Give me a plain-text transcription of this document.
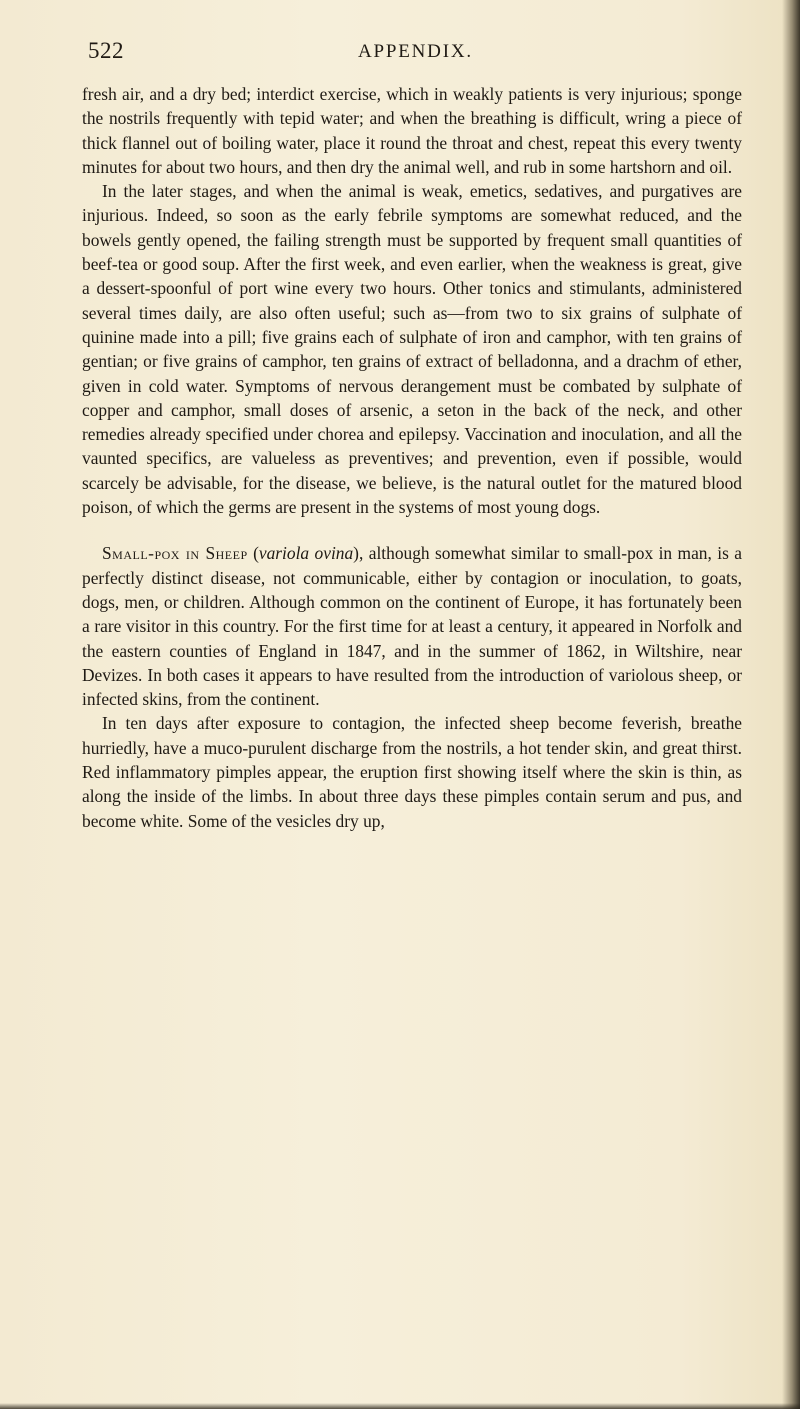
522	APPENDIX.

fresh air, and a dry bed; interdict exercise, which in weakly patients is very injurious; sponge the nostrils frequently with tepid water; and when the breathing is difficult, wring a piece of thick flannel out of boiling water, place it round the throat and chest, repeat this every twenty minutes for about two hours, and then dry the animal well, and rub in some hartshorn and oil.

In the later stages, and when the animal is weak, emetics, sedatives, and purgatives are injurious. Indeed, so soon as the early febrile symptoms are somewhat reduced, and the bowels gently opened, the failing strength must be supported by frequent small quantities of beef-tea or good soup. After the first week, and even earlier, when the weakness is great, give a dessert-spoonful of port wine every two hours. Other tonics and stimulants, administered several times daily, are also often useful; such as—from two to six grains of sulphate of quinine made into a pill; five grains each of sulphate of iron and camphor, with ten grains of gentian; or five grains of camphor, ten grains of extract of belladonna, and a drachm of ether, given in cold water. Symptoms of nervous derangement must be combated by sulphate of copper and camphor, small doses of arsenic, a seton in the back of the neck, and other remedies already specified under chorea and epilepsy. Vaccination and inoculation, and all the vaunted specifics, are valueless as preventives; and prevention, even if possible, would scarcely be advisable, for the disease, we believe, is the natural outlet for the matured blood poison, of which the germs are present in the systems of most young dogs.

Small-pox in Sheep (variola ovina), although somewhat similar to small-pox in man, is a perfectly distinct disease, not communicable, either by contagion or inoculation, to goats, dogs, men, or children. Although common on the continent of Europe, it has fortunately been a rare visitor in this country. For the first time for at least a century, it appeared in Norfolk and the eastern counties of England in 1847, and in the summer of 1862, in Wiltshire, near Devizes. In both cases it appears to have resulted from the introduction of variolous sheep, or infected skins, from the continent.

In ten days after exposure to contagion, the infected sheep become feverish, breathe hurriedly, have a muco-purulent discharge from the nostrils, a hot tender skin, and great thirst. Red inflammatory pimples appear, the eruption first showing itself where the skin is thin, as along the inside of the limbs. In about three days these pimples contain serum and pus, and become white. Some of the vesicles dry up,
